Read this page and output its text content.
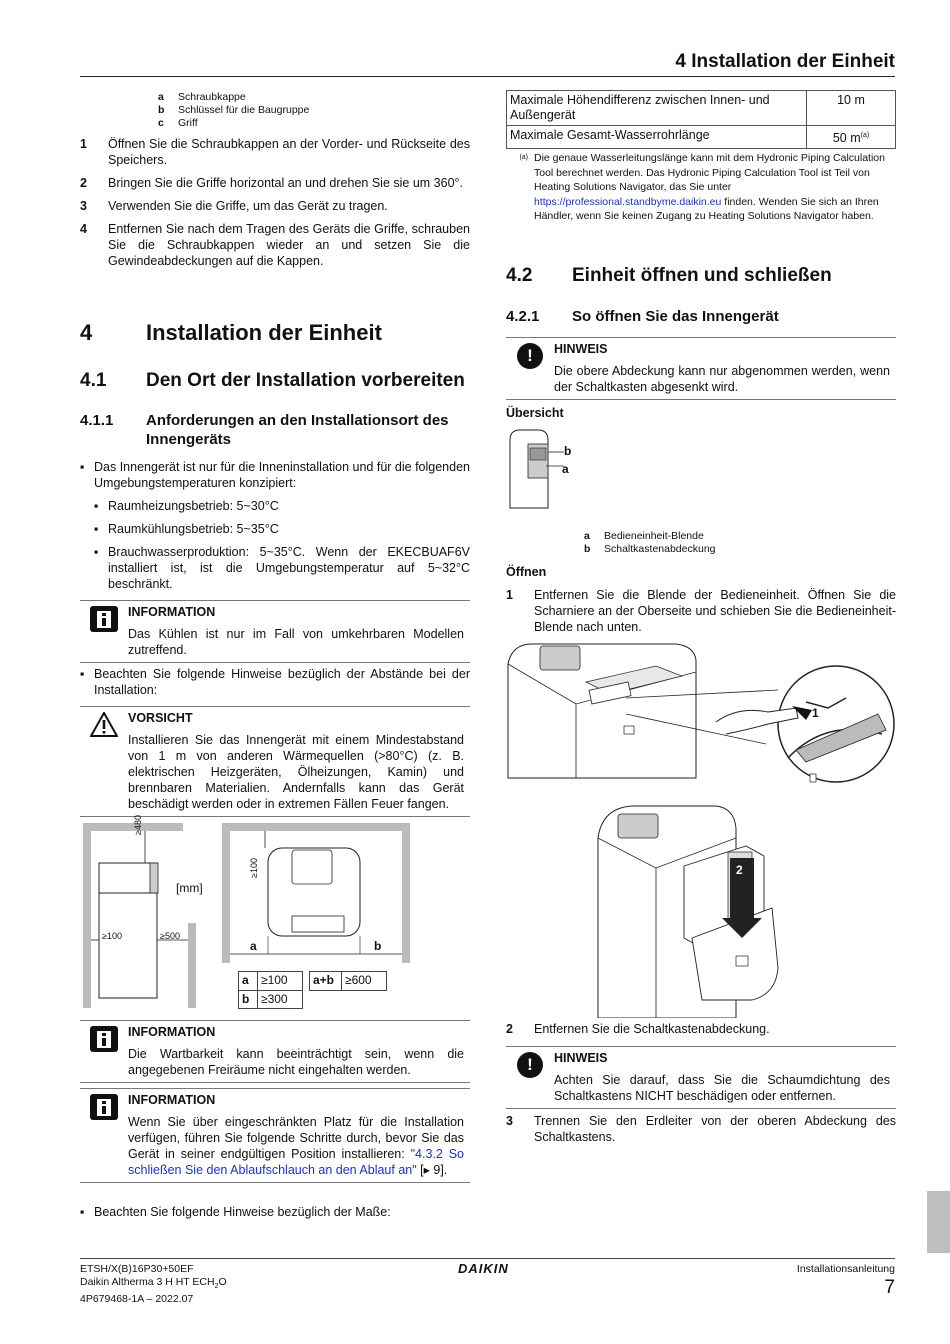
4 Installation der Einheit
a	Schraubkappe
b	Schlüssel für die Baugruppe
c	Griff
1	Öffnen Sie die Schraubkappen an der Vorder- und Rückseite des Speichers.
2	Bringen Sie die Griffe horizontal an und drehen Sie sie um 360°.
3	Verwenden Sie die Griffe, um das Gerät zu tragen.
4	Entfernen Sie nach dem Tragen des Geräts die Griffe, schrauben Sie die Schraubkappen wieder an und setzen Sie die Gewindeabdeckungen auf die Kappen.
4	Installation der Einheit
4.1	Den Ort der Installation vorbereiten
4.1.1	Anforderungen an den Installationsort des Innengeräts
▪ Das Innengerät ist nur für die Inneninstallation und für die folgenden Umgebungstemperaturen konzipiert:
▪ Raumheizungsbetrieb: 5~30°C
▪ Raumkühlungsbetrieb: 5~35°C
▪ Brauchwasserproduktion: 5~35°C. Wenn der EKECBUAF6V installiert ist, ist die Umgebungstemperatur auf 5~32°C beschränkt.
INFORMATION
Das Kühlen ist nur im Fall von umkehrbaren Modellen zutreffend.
▪ Beachten Sie folgende Hinweise bezüglich der Abstände bei der Installation:
VORSICHT
Installieren Sie das Innengerät mit einem Mindestabstand von 1 m von anderen Wärmequellen (>80°C) (z. B. elektrischen Heizgeräten, Ölheizungen, Kamin) und brennbaren Materialien. Andernfalls kann das Gerät beschädigt werden oder in extremen Fällen Feuer fangen.
≥480
[mm]
≥100	≥500
≥100
a	b
a	≥100		a+b	≥600
b	≥300			
INFORMATION
Die Wartbarkeit kann beeinträchtigt sein, wenn die angegebenen Freiräume nicht eingehalten werden.
INFORMATION
Wenn Sie über eingeschränkten Platz für die Installation verfügen, führen Sie folgende Schritte durch, bevor Sie das Gerät in seiner endgültigen Position installieren: "4.3.2 So schließen Sie den Ablaufschlauch an den Ablauf an" [▸ 9].
▪ Beachten Sie folgende Hinweise bezüglich der Maße:
Maximale Höhendifferenz zwischen Innen- und Außengerät	10 m
Maximale Gesamt-Wasserrohrlänge	50 $m^{(a)}$
(a) Die genaue Wasserleitungslänge kann mit dem Hydronic Piping Calculation Tool berechnet werden. Das Hydronic Piping Calculation Tool ist Teil von Heating Solutions Navigator, das Sie unter https://professional.standbyme.daikin.eu finden. Wenden Sie sich an Ihren Händler, wenn Sie keinen Zugang zu Heating Solutions Navigator haben.
4.2	Einheit öffnen und schließen
4.2.1	So öffnen Sie das Innengerät
!	HINWEIS
Die obere Abdeckung kann nur abgenommen werden, wenn der Schaltkasten abgesenkt wird.
Übersicht
b
a
a	Bedieneinheit-Blende
b	Schaltkastenabdeckung
Öffnen
1	Entfernen Sie die Blende der Bedieneinheit. Öffnen Sie die Scharniere an der Oberseite und schieben Sie die Bedieneinheit-Blende nach unten.
1
2
2	Entfernen Sie die Schaltkastenabdeckung.
!	HINWEIS
Achten Sie darauf, dass Sie die Schaumdichtung des Schaltkastens NICHT beschädigen oder entfernen.
3	Trennen Sie den Erdleiter von der oberen Abdeckung des Schaltkastens.
ETSH/X(B)16P30+50EF
Daikin Altherma 3 H HT $ECH_2O$
4P679468-1A – 2022.07
DAIKIN	Installationsanleitung
7
